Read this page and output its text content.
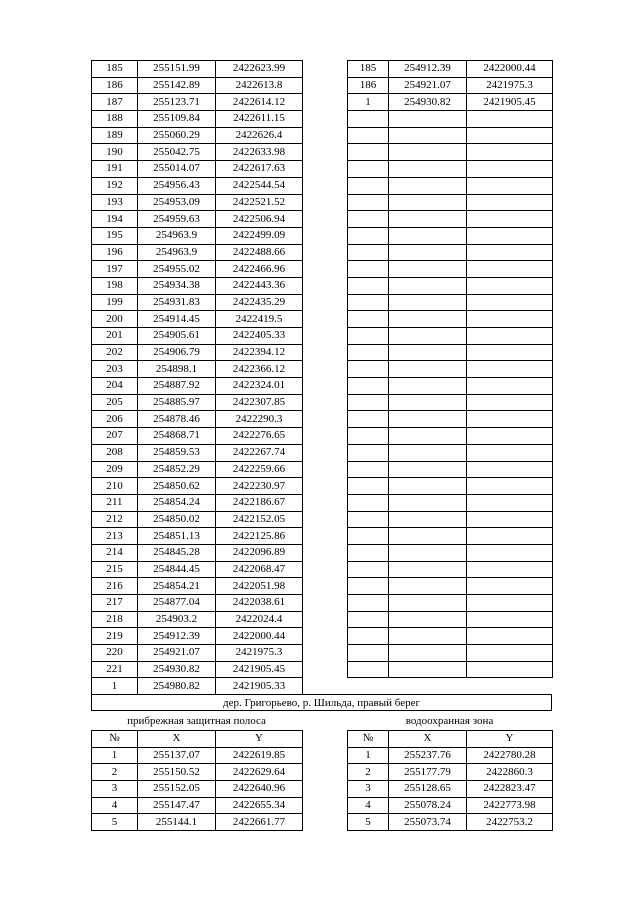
185	255151.99	2422623.99
186	255142.89	2422613.8
187	255123.71	2422614.12
188	255109.84	2422611.15
189	255060.29	2422626.4
190	255042.75	2422633.98
191	255014.07	2422617.63
192	254956.43	2422544.54
193	254953.09	2422521.52
194	254959.63	2422506.94
195	254963.9	2422499.09
196	254963.9	2422488.66
197	254955.02	2422466.96
198	254934.38	2422443.36
199	254931.83	2422435.29
200	254914.45	2422419.5
201	254905.61	2422405.33
202	254906.79	2422394.12
203	254898.1	2422366.12
204	254887.92	2422324.01
205	254885.97	2422307.85
206	254878.46	2422290.3
207	254868.71	2422276.65
208	254859.53	2422267.74
209	254852.29	2422259.66
210	254850.62	2422230.97
211	254854.24	2422186.67
212	254850.02	2422152.05
213	254851.13	2422125.86
214	254845.28	2422096.89
215	254844.45	2422068.47
216	254854.21	2422051.98
217	254877.04	2422038.61
218	254903.2	2422024.4
219	254912.39	2422000.44
220	254921.07	2421975.3
221	254930.82	2421905.45
1	254980.82	2421905.33
185	254912.39	2422000.44
186	254921.07	2421975.3
1	254930.82	2421905.45

дер. Григорьево, р. Шильда, правый берег
прибрежная защитная полоса	водоохранная зона
№	X	Y
1	255137.07	2422619.85
2	255150.52	2422629.64
3	255152.05	2422640.96
4	255147.47	2422655.34
5	255144.1	2422661.77
№	X	Y
1	255237.76	2422780.28
2	255177.79	2422860.3
3	255128.65	2422823.47
4	255078.24	2422773.98
5	255073.74	2422753.2
